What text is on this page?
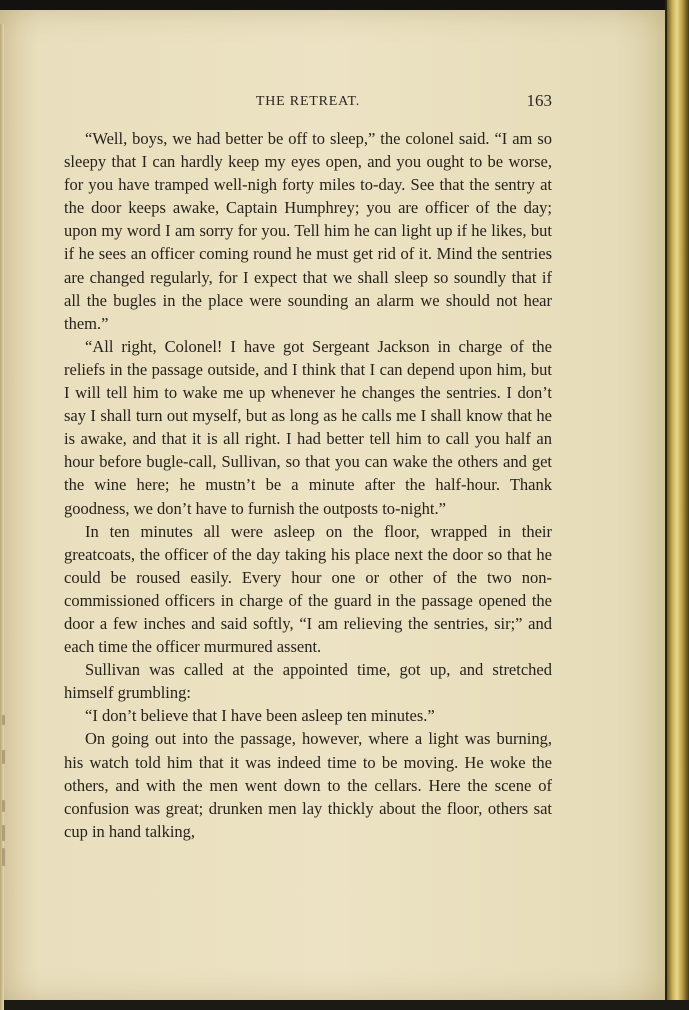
THE RETREAT.	163

“Well, boys, we had better be off to sleep,” the colonel said. “I am so sleepy that I can hardly keep my eyes open, and you ought to be worse, for you have tramped well-nigh forty miles to-day. See that the sentry at the door keeps awake, Captain Humphrey; you are officer of the day; upon my word I am sorry for you. Tell him he can light up if he likes, but if he sees an officer coming round he must get rid of it. Mind the sentries are changed regularly, for I expect that we shall sleep so soundly that if all the bugles in the place were sounding an alarm we should not hear them.”

“All right, Colonel! I have got Sergeant Jackson in charge of the reliefs in the passage outside, and I think that I can depend upon him, but I will tell him to wake me up whenever he changes the sentries. I don’t say I shall turn out myself, but as long as he calls me I shall know that he is awake, and that it is all right. I had better tell him to call you half an hour before bugle-call, Sullivan, so that you can wake the others and get the wine here; he mustn’t be a minute after the half-hour. Thank goodness, we don’t have to furnish the outposts to-night.”

In ten minutes all were asleep on the floor, wrapped in their greatcoats, the officer of the day taking his place next the door so that he could be roused easily. Every hour one or other of the two non-commissioned officers in charge of the guard in the passage opened the door a few inches and said softly, “I am relieving the sentries, sir;” and each time the officer murmured assent.

Sullivan was called at the appointed time, got up, and stretched himself grumbling:

“I don’t believe that I have been asleep ten minutes.”

On going out into the passage, however, where a light was burning, his watch told him that it was indeed time to be moving. He woke the others, and with the men went down to the cellars. Here the scene of confusion was great; drunken men lay thickly about the floor, others sat cup in hand talking,
